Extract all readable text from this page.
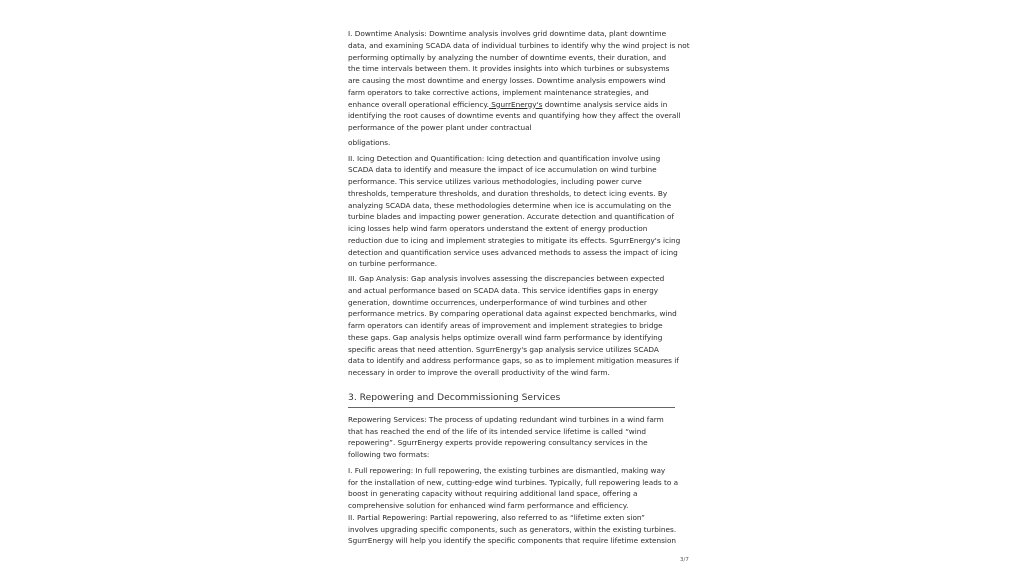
I. Downtime Analysis: Downtime analysis involves grid downtime data, plant downtime
data, and examining SCADA data of individual turbines to identify why the wind project is not
performing optimally by analyzing the number of downtime events, their duration, and
the time intervals between them. It provides insights into which turbines or subsystems
are causing the most downtime and energy losses. Downtime analysis empowers wind
farm operators to take corrective actions, implement maintenance strategies, and
enhance overall operational efficiency. SgurrEnergy's downtime analysis service aids in
identifying the root causes of downtime events and quantifying how they affect the overall
performance of the power plant under contractual
obligations.
II. Icing Detection and Quantification: Icing detection and quantification involve using
SCADA data to identify and measure the impact of ice accumulation on wind turbine
performance. This service utilizes various methodologies, including power curve
thresholds, temperature thresholds, and duration thresholds, to detect icing events. By
analyzing SCADA data, these methodologies determine when ice is accumulating on the
turbine blades and impacting power generation. Accurate detection and quantification of
icing losses help wind farm operators understand the extent of energy production
reduction due to icing and implement strategies to mitigate its effects. SgurrEnergy's icing
detection and quantification service uses advanced methods to assess the impact of icing
on turbine performance.
III. Gap Analysis: Gap analysis involves assessing the discrepancies between expected
and actual performance based on SCADA data. This service identifies gaps in energy
generation, downtime occurrences, underperformance of wind turbines and other
performance metrics. By comparing operational data against expected benchmarks, wind
farm operators can identify areas of improvement and implement strategies to bridge
these gaps. Gap analysis helps optimize overall wind farm performance by identifying
specific areas that need attention. SgurrEnergy's gap analysis service utilizes SCADA
data to identify and address performance gaps, so as to implement mitigation measures if
necessary in order to improve the overall productivity of the wind farm.
3. Repowering and Decommissioning Services
Repowering Services: The process of updating redundant wind turbines in a wind farm
that has reached the end of the life of its intended service lifetime is called “wind
repowering”. SgurrEnergy experts provide repowering consultancy services in the
following two formats:
I. Full repowering: In full repowering, the existing turbines are dismantled, making way
for the installation of new, cutting-edge wind turbines. Typically, full repowering leads to a
boost in generating capacity without requiring additional land space, offering a
comprehensive solution for enhanced wind farm performance and efficiency.
II. Partial Repowering: Partial repowering, also referred to as “lifetime exten sion”
involves upgrading specific components, such as generators, within the existing turbines.
SgurrEnergy will help you identify the specific components that require lifetime extension
3/7
